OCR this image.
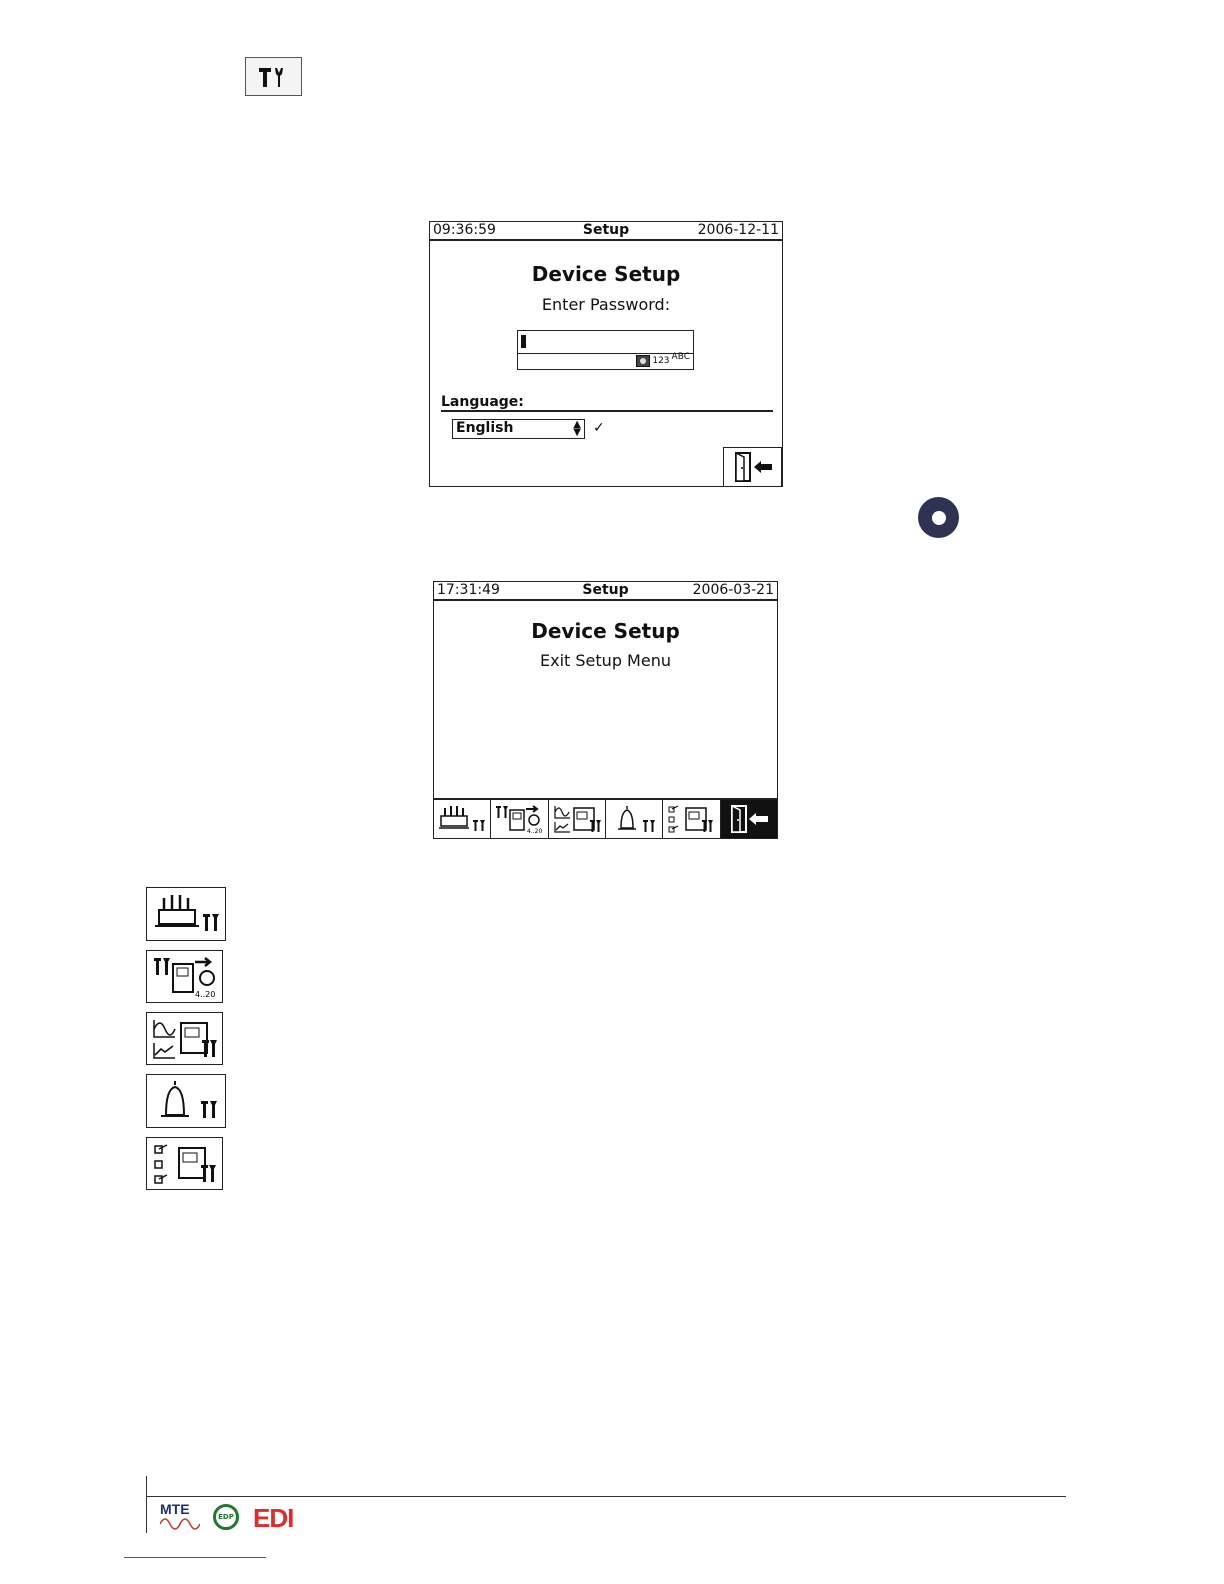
09:36:59	Setup	2006-12-11
Device Setup
Enter Password:
123 ABC
Language:
English	▲
▼ ✓
17:31:49	Setup	2006-03-21
Device Setup
Exit Setup Menu
4..20
4..20
MTE	EDP EDI
